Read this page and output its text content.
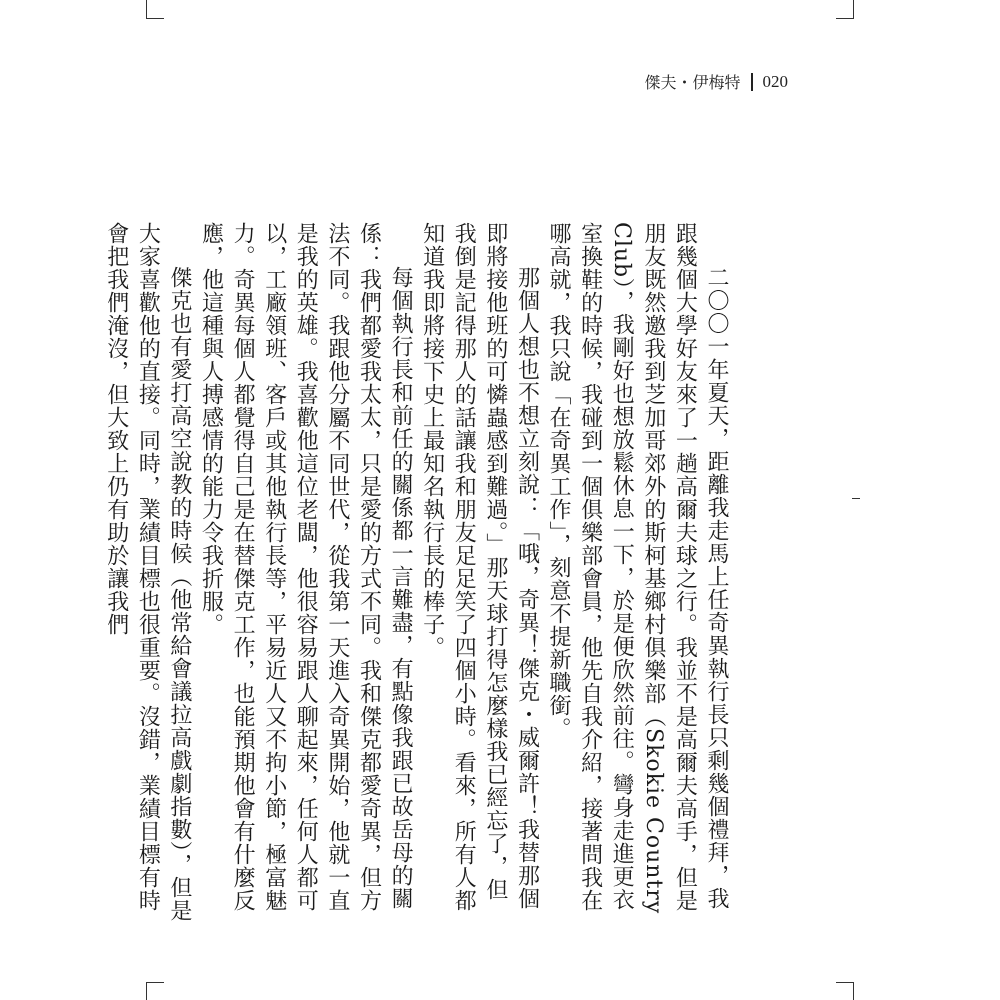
傑夫・伊梅特 020

二〇〇一年夏天，距離我走馬上任奇異執行長只剩幾個禮拜，我跟幾個大學好友來了一趟高爾夫球之行。我並不是高爾夫高手，但是朋友既然邀我到芝加哥郊外的斯柯基鄉村俱樂部（Skokie Country Club），我剛好也想放鬆休息一下，於是便欣然前往。彎身走進更衣室換鞋的時候，我碰到一個俱樂部會員，他先自我介紹，接著問我在哪高就，我只說「在奇異工作」，刻意不提新職銜。

那個人想也不想立刻說：「哦，奇異！傑克・威爾許！我替那個即將接他班的可憐蟲感到難過。」那天球打得怎麼樣我已經忘了，但我倒是記得那人的話讓我和朋友足足笑了四個小時。看來，所有人都知道我即將接下史上最知名執行長的棒子。

每個執行長和前任的關係都一言難盡，有點像我跟已故岳母的關係：我們都愛我太太，只是愛的方式不同。我和傑克都愛奇異，但方法不同。我跟他分屬不同世代，從我第一天進入奇異開始，他就一直是我的英雄。我喜歡他這位老闆，他很容易跟人聊起來，任何人都可以，工廠領班、客戶或其他執行長等，平易近人又不拘小節，極富魅力。奇異每個人都覺得自己是在替傑克工作，也能預期他會有什麼反應，他這種與人搏感情的能力令我折服。

傑克也有愛打高空說教的時候（他常給會議拉高戲劇指數），但是大家喜歡他的直接。同時，業績目標也很重要。沒錯，業績目標有時會把我們淹沒，但大致上仍有助於讓我們
